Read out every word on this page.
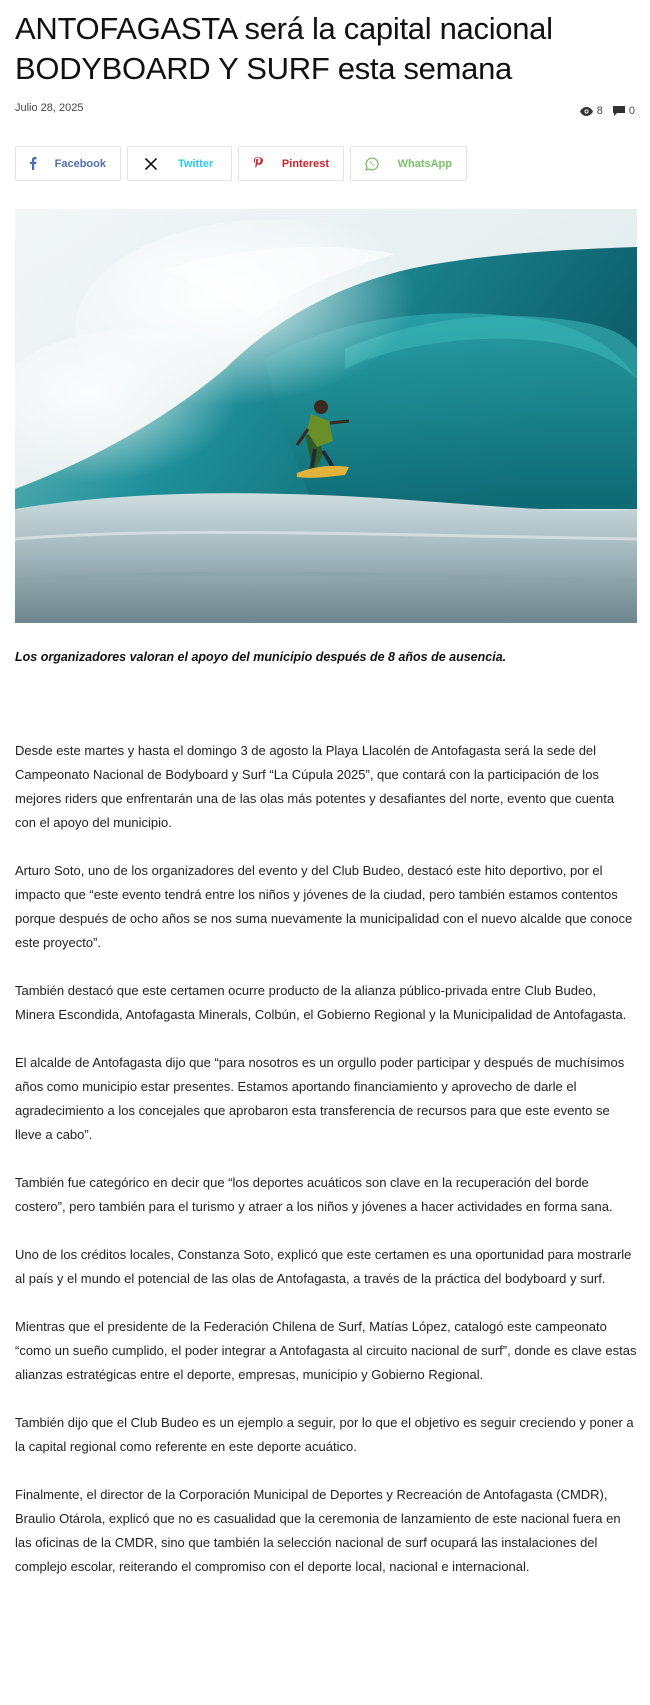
ANTOFAGASTA será la capital nacional BODYBOARD Y SURF esta semana
Julio 28, 2025	8 0
Facebook	Twitter	Pinterest	WhatsApp

Los organizadores valoran el apoyo del municipio después de 8 años de ausencia.

Desde este martes y hasta el domingo 3 de agosto la Playa Llacolén de Antofagasta será la sede del Campeonato Nacional de Bodyboard y Surf “La Cúpula 2025”, que contará con la participación de los mejores riders que enfrentarán una de las olas más potentes y desafiantes del norte, evento que cuenta con el apoyo del municipio.

Arturo Soto, uno de los organizadores del evento y del Club Budeo, destacó este hito deportivo, por el impacto que “este evento tendrá entre los niños y jóvenes de la ciudad, pero también estamos contentos porque después de ocho años se nos suma nuevamente la municipalidad con el nuevo alcalde que conoce este proyecto”.

También destacó que este certamen ocurre producto de la alianza público-privada entre Club Budeo, Minera Escondida, Antofagasta Minerals, Colbún, el Gobierno Regional y la Municipalidad de Antofagasta.

El alcalde de Antofagasta dijo que “para nosotros es un orgullo poder participar y después de muchísimos años como municipio estar presentes. Estamos aportando financiamiento y aprovecho de darle el agradecimiento a los concejales que aprobaron esta transferencia de recursos para que este evento se lleve a cabo”.

También fue categórico en decir que “los deportes acuáticos son clave en la recuperación del borde costero”, pero también para el turismo y atraer a los niños y jóvenes a hacer actividades en forma sana.

Uno de los créditos locales, Constanza Soto, explicó que este certamen es una oportunidad para mostrarle al país y el mundo el potencial de las olas de Antofagasta, a través de la práctica del bodyboard y surf.

Mientras que el presidente de la Federación Chilena de Surf, Matías López, catalogó este campeonato “como un sueño cumplido, el poder integrar a Antofagasta al circuito nacional de surf”, donde es clave estas alianzas estratégicas entre el deporte, empresas, municipio y Gobierno Regional.

También dijo que el Club Budeo es un ejemplo a seguir, por lo que el objetivo es seguir creciendo y poner a la capital regional como referente en este deporte acuático.

Finalmente, el director de la Corporación Municipal de Deportes y Recreación de Antofagasta (CMDR), Braulio Otárola, explicó que no es casualidad que la ceremonia de lanzamiento de este nacional fuera en las oficinas de la CMDR, sino que también la selección nacional de surf ocupará las instalaciones del complejo escolar, reiterando el compromiso con el deporte local, nacional e internacional.
